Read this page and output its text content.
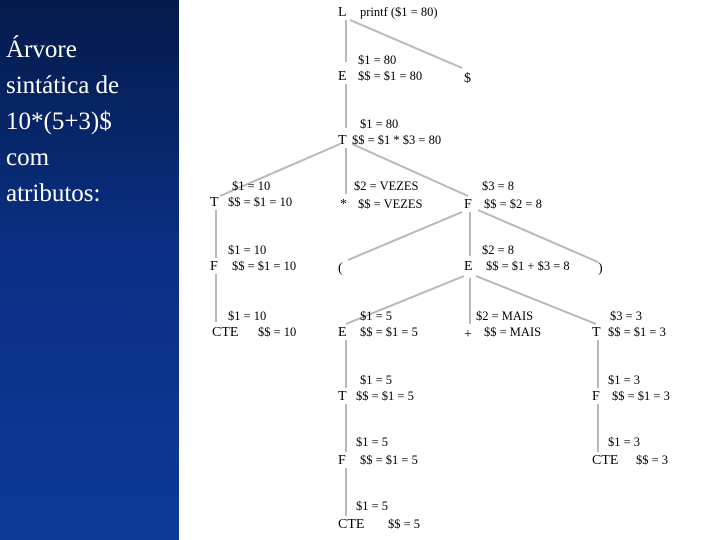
Árvore
sintática de
10*(5+3)$
com
atributos:
L printf ($1 = 80)
$1 = 80
E $$ = $1 = 80	$
$1 = 80
T $$ = $1 * $3 = 80
$1 = 10
T $$ = $1 = 10
$2 = VEZES
* $$ = VEZES
$3 = 8
F $$ = $2 = 8
$1 = 10
F $$ = $1 = 10	(
$2 = 8
E $$ = $1 + $3 = 8 )
$1 = 10
CTE $$ = 10
$1 = 5
E $$ = $1 = 5
$2 = MAIS
+ $$ = MAIS
$3 = 3
T $$ = $1 = 3
$1 = 5
T $$ = $1 = 5
$1 = 3
F $$ = $1 = 3
$1 = 5
F $$ = $1 = 5
$1 = 3
CTE $$ = 3
$1 = 5
CTE $$ = 5
